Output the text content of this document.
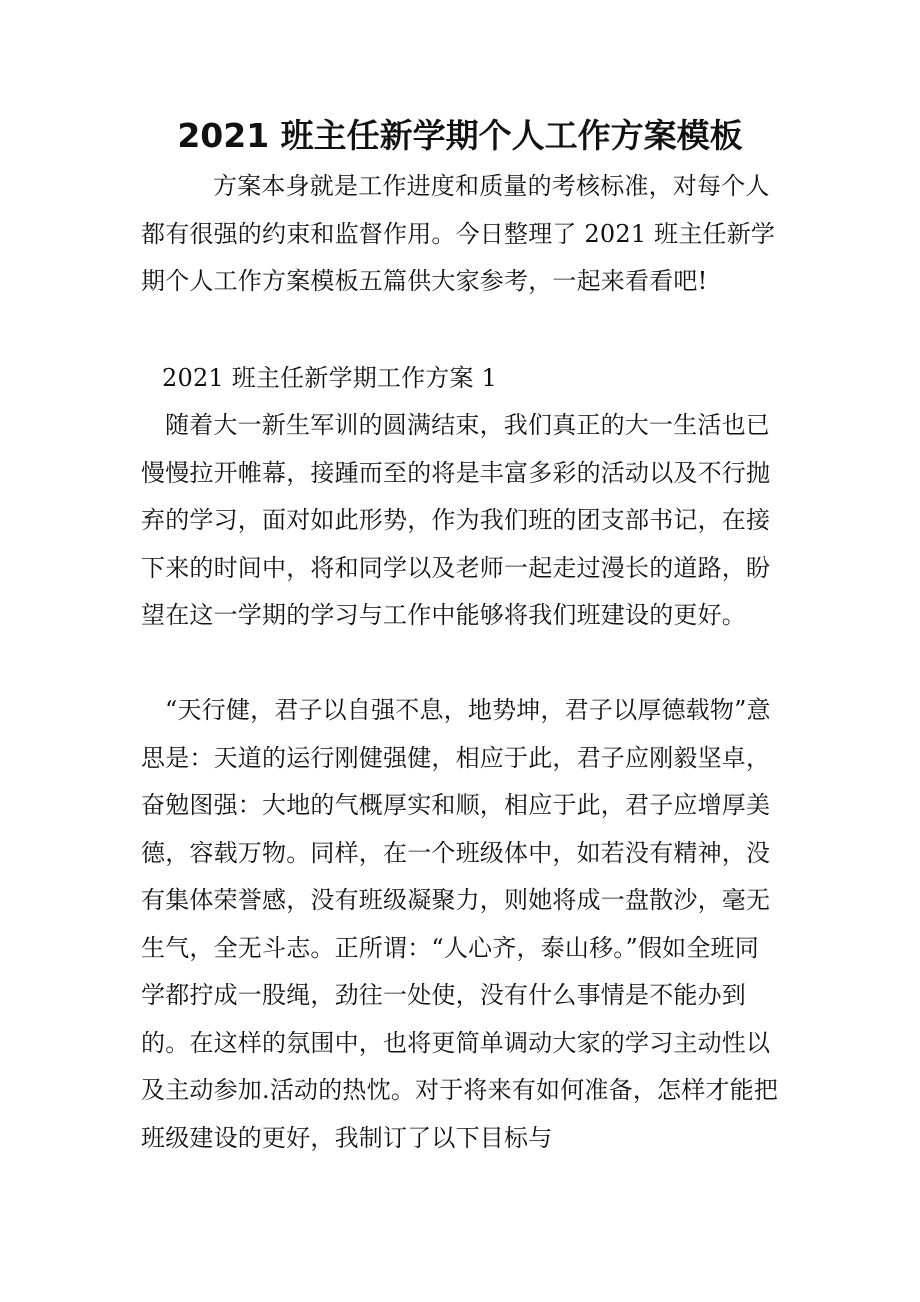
2021 班主任新学期个人工作方案模板

方案本身就是工作进度和质量的考核标准，对每个人都有很强的约束和监督作用。今日整理了 2021 班主任新学期个人工作方案模板五篇供大家参考，一起来看看吧!

2021 班主任新学期工作方案 1

随着大一新生军训的圆满结束，我们真正的大一生活也已慢慢拉开帷幕，接踵而至的将是丰富多彩的活动以及不行抛弃的学习，面对如此形势，作为我们班的团支部书记，在接下来的时间中，将和同学以及老师一起走过漫长的道路，盼望在这一学期的学习与工作中能够将我们班建设的更好。

“天行健，君子以自强不息，地势坤，君子以厚德载物”意思是：天道的运行刚健强健，相应于此，君子应刚毅坚卓，奋勉图强：大地的气概厚实和顺，相应于此，君子应增厚美德，容载万物。同样，在一个班级体中，如若没有精神，没有集体荣誉感，没有班级凝聚力，则她将成一盘散沙，毫无生气，全无斗志。正所谓：“人心齐，泰山移。”假如全班同学都拧成一股绳，劲往一处使，没有什么事情是不能办到的。在这样的氛围中，也将更简单调动大家的学习主动性以及主动参加.活动的热忱。对于将来有如何准备，怎样才能把班级建设的更好，我制订了以下目标与
